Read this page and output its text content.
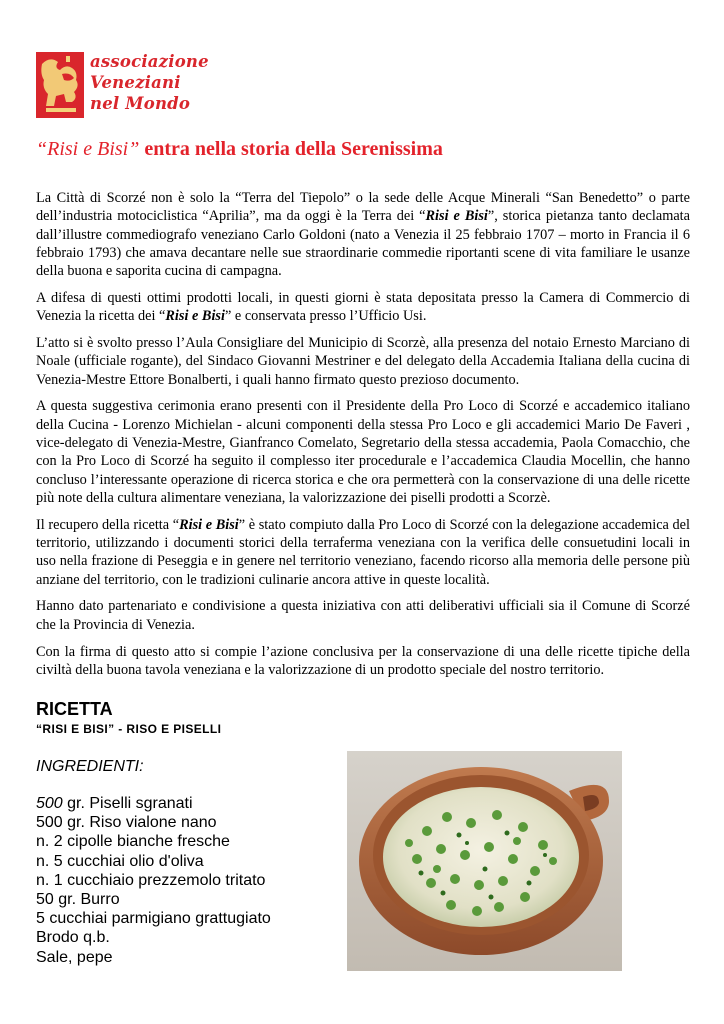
associazione
Veneziani
nel Mondo
“Risi e Bisi” entra nella storia della Serenissima

La Città di Scorzé non è solo la “Terra del Tiepolo” o la sede delle Acque Minerali “San Benedetto” o parte dell’industria motociclistica “Aprilia”, ma da oggi è la Terra dei “Risi e Bisi”, storica pietanza tanto declamata dall’illustre commediografo veneziano Carlo Goldoni (nato a Venezia il 25 febbraio 1707 – morto in Francia il 6 febbraio 1793) che amava decantare nelle sue straordinarie commedie riportanti scene di vita familiare le usanze della buona e saporita cucina di campagna.

A difesa di questi ottimi prodotti locali, in questi giorni è stata depositata presso la Camera di Commercio di Venezia la ricetta dei “Risi e Bisi” e conservata presso l’Ufficio Usi.

L’atto si è svolto presso l’Aula Consigliare del Municipio di Scorzè, alla presenza del notaio Ernesto Marciano di Noale (ufficiale rogante), del Sindaco Giovanni Mestriner e del delegato della Accademia Italiana della cucina di Venezia-Mestre Ettore Bonalberti, i quali hanno firmato questo prezioso documento.

A questa suggestiva cerimonia erano presenti con il Presidente della Pro Loco di Scorzé e accademico italiano della Cucina - Lorenzo Michielan - alcuni componenti della stessa Pro Loco e gli accademici Mario De Faveri , vice-delegato di Venezia-Mestre, Gianfranco Comelato, Segretario della stessa accademia, Paola Comacchio, che con la Pro Loco di Scorzé ha seguito il complesso iter procedurale e l’accademica Claudia Mocellin, che hanno concluso l’interessante operazione di ricerca storica e che ora permetterà con la conservazione di una delle ricette più note della cultura alimentare veneziana, la valorizzazione dei piselli prodotti a Scorzè.

Il recupero della ricetta “Risi e Bisi” è stato compiuto dalla Pro Loco di Scorzé con la delegazione accademica del territorio, utilizzando i documenti storici della terraferma veneziana con la verifica delle consuetudini locali in uso nella frazione di Peseggia e in genere nel territorio veneziano, facendo ricorso alla memoria delle persone più anziane del territorio, con le tradizioni culinarie ancora attive in queste località.

Hanno dato partenariato e condivisione a questa iniziativa con atti deliberativi ufficiali sia il Comune di Scorzé che la Provincia di Venezia.

Con la firma di questo atto si compie l’azione conclusiva per la conservazione di una delle ricette tipiche della civiltà della buona tavola veneziana e la valorizzazione di un prodotto speciale del nostro territorio.

RICETTA
“RISI E BISI” - RISO E PISELLI
INGREDIENTI:
500 gr. Piselli sgranati
500 gr. Riso vialone nano
n. 2 cipolle bianche fresche
n. 5 cucchiai olio d'oliva
n. 1 cucchiaio prezzemolo tritato
50 gr. Burro
5 cucchiai parmigiano grattugiato
Brodo q.b.
Sale, pepe
